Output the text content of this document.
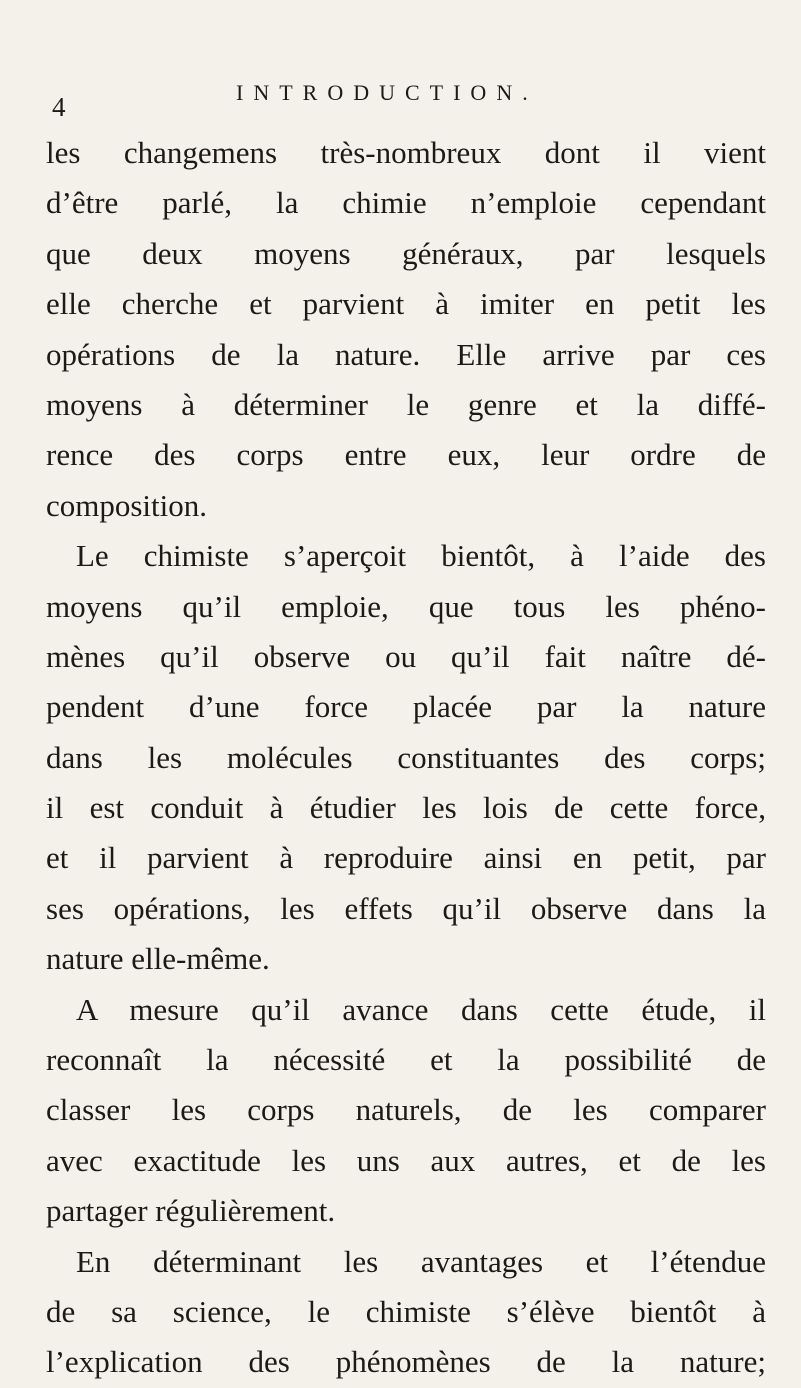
4	INTRODUCTION.
les changemens très-nombreux dont il vient
d’être parlé, la chimie n’emploie cependant
que deux moyens généraux, par lesquels
elle cherche et parvient à imiter en petit les
opérations de la nature. Elle arrive par ces
moyens à déterminer le genre et la diffé-
rence des corps entre eux, leur ordre de
composition.
Le chimiste s’aperçoit bientôt, à l’aide des
moyens qu’il emploie, que tous les phéno-
mènes qu’il observe ou qu’il fait naître dé-
pendent d’une force placée par la nature
dans les molécules constituantes des corps;
il est conduit à étudier les lois de cette force,
et il parvient à reproduire ainsi en petit, par
ses opérations, les effets qu’il observe dans la
nature elle-même.
A mesure qu’il avance dans cette étude, il
reconnaît la nécessité et la possibilité de
classer les corps naturels, de les comparer
avec exactitude les uns aux autres, et de les
partager régulièrement.
En déterminant les avantages et l’étendue
de sa science, le chimiste s’élève bientôt à
l’explication des phénomènes de la nature;
